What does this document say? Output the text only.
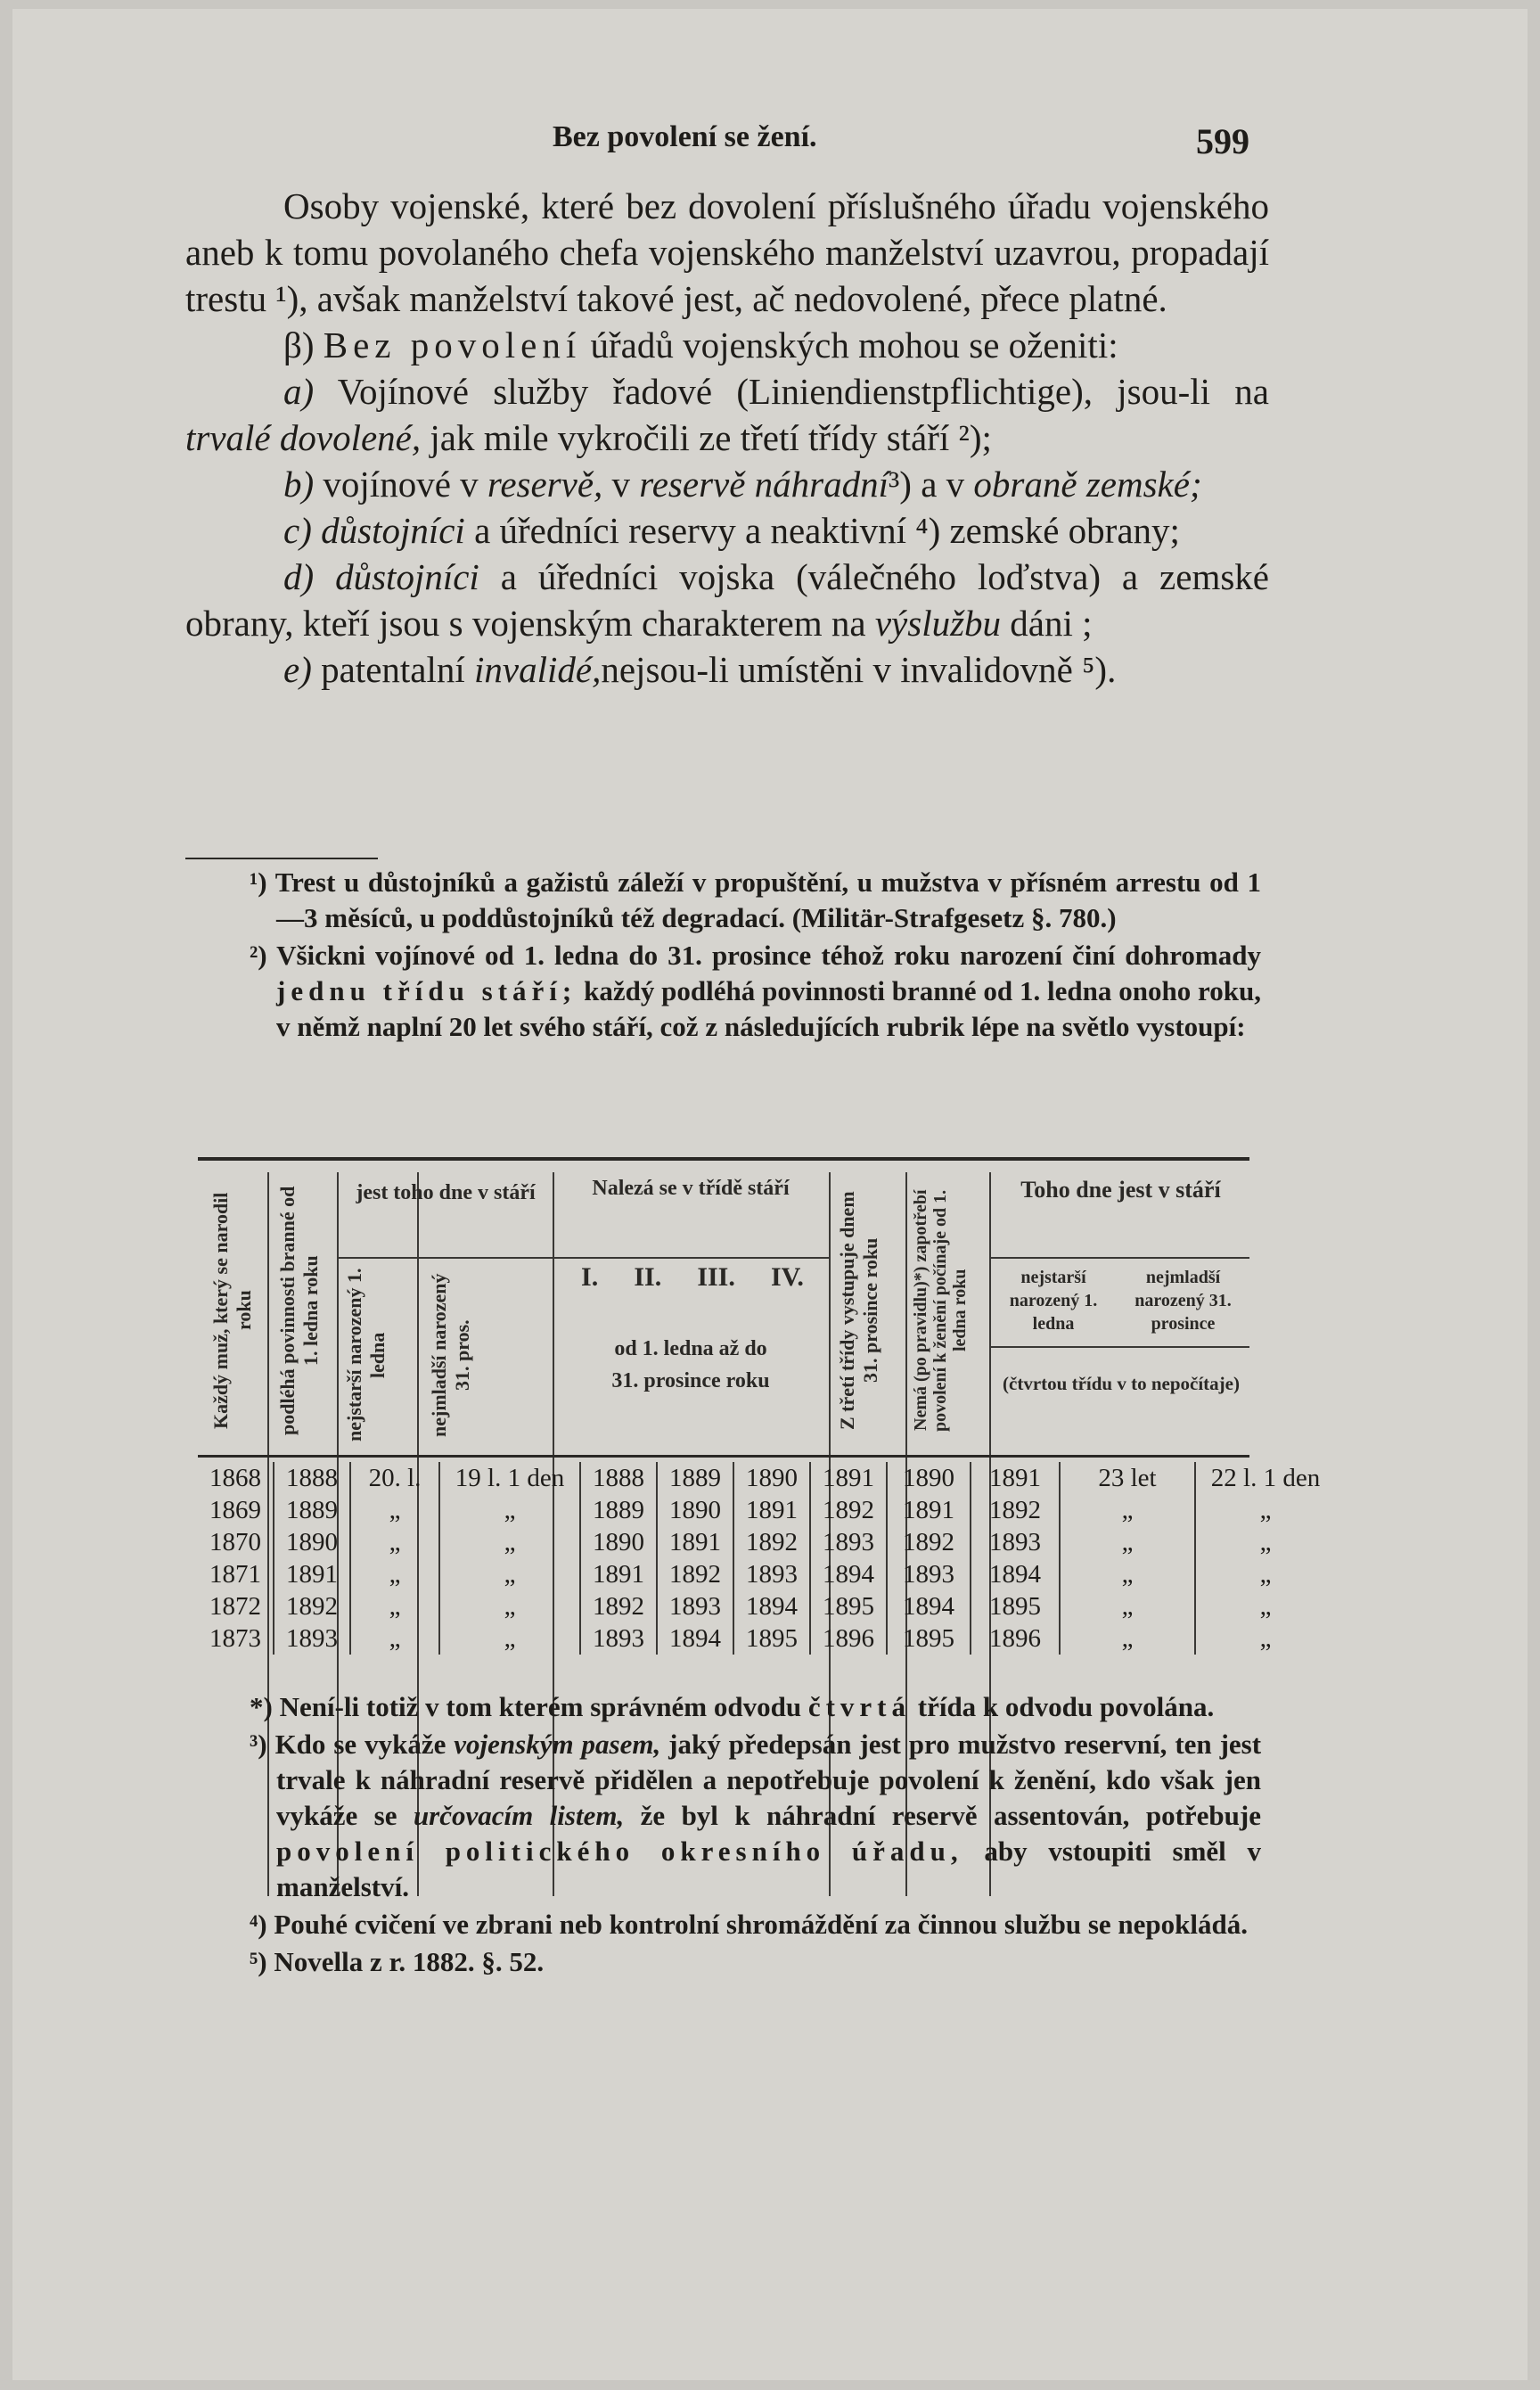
Bez povolení se žení.	599

Osoby vojenské, které bez dovolení příslušného úřadu vojenského aneb k tomu povolaného chefa vojenského manželství uzavrou, propadají trestu ¹), avšak manželství takové jest, ač nedovolené, přece platné.

β) Bez povolení úřadů vojenských mohou se oženiti:

a) Vojínové služby řadové (Liniendienstpflichtige), jsou-li na trvalé dovolené, jak mile vykročili ze třetí třídy stáří ²);

b) vojínové v reservě, v reservě náhradní³) a v obraně zemské;

c) důstojníci a úředníci reservy a neaktivní ⁴) zemské obrany;

d) důstojníci a úředníci vojska (válečného loďstva) a zemské obrany, kteří jsou s vojenským charakterem na výslužbu dáni ;

e) patentalní invalidé,nejsou-li umístěni v invalidovně ⁵).

¹) Trest u důstojníků a gažistů záleží v propuštění, u mužstva v přísném arrestu od 1—3 měsíců, u poddůstojníků též degradací. (Militär-Strafgesetz §. 780.)

²) Všickni vojínové od 1. ledna do 31. prosince téhož roku narození činí dohromady jednu třídu stáří; každý podléhá povinnosti branné od 1. ledna onoho roku, v němž naplní 20 let svého stáří, což z následujících rubrik lépe na světlo vystoupí:

Každý muž, který se narodil roku	podléhá povinnosti branné od 1. ledna roku
jest toho dne v stáří
nejstarší narozený 1. ledna	nejmladší narozený 31. pros.
Nalezá se v třídě stáří
I. II. III. IV.
od 1. ledna až do 31. prosince roku	Z třetí třídy vystupuje dnem 31. prosince roku	Nemá (po pravidlu)*) zapotřebí povolení k ženění počínaje od 1. ledna roku
Toho dne jest v stáří
nejstarší narozený 1. ledna
nejmladší narozený 31. prosince
(čtvrtou třídu v to nepočítaje)
1868	1888	20. l.	19 l. 1 den	1888	1889	1890	1891	1890	1891	23 let	22 l. 1 den
1869	1889	„	„	1889	1890	1891	1892	1891	1892	„	„
1870	1890	„	„	1890	1891	1892	1893	1892	1893	„	„
1871	1891	„	„	1891	1892	1893	1894	1893	1894	„	„
1872	1892	„	„	1892	1893	1894	1895	1894	1895	„	„
1873	1893	„	„	1893	1894	1895	1896	1895	1896	„	„

*) Není-li totiž v tom kterém správném odvodu čtvrtá třída k odvodu povolána.

³) Kdo se vykáže vojenským pasem, jaký předepsán jest pro mužstvo reservní, ten jest trvale k náhradní reservě přidělen a nepotřebuje povolení k ženění, kdo však jen vykáže se určovacím listem, že byl k náhradní reservě assentován, potřebuje povolení politického okresního úřadu, aby vstoupiti směl v manželství.

⁴) Pouhé cvičení ve zbrani neb kontrolní shromáždění za činnou službu se nepokládá.

⁵) Novella z r. 1882. §. 52.
